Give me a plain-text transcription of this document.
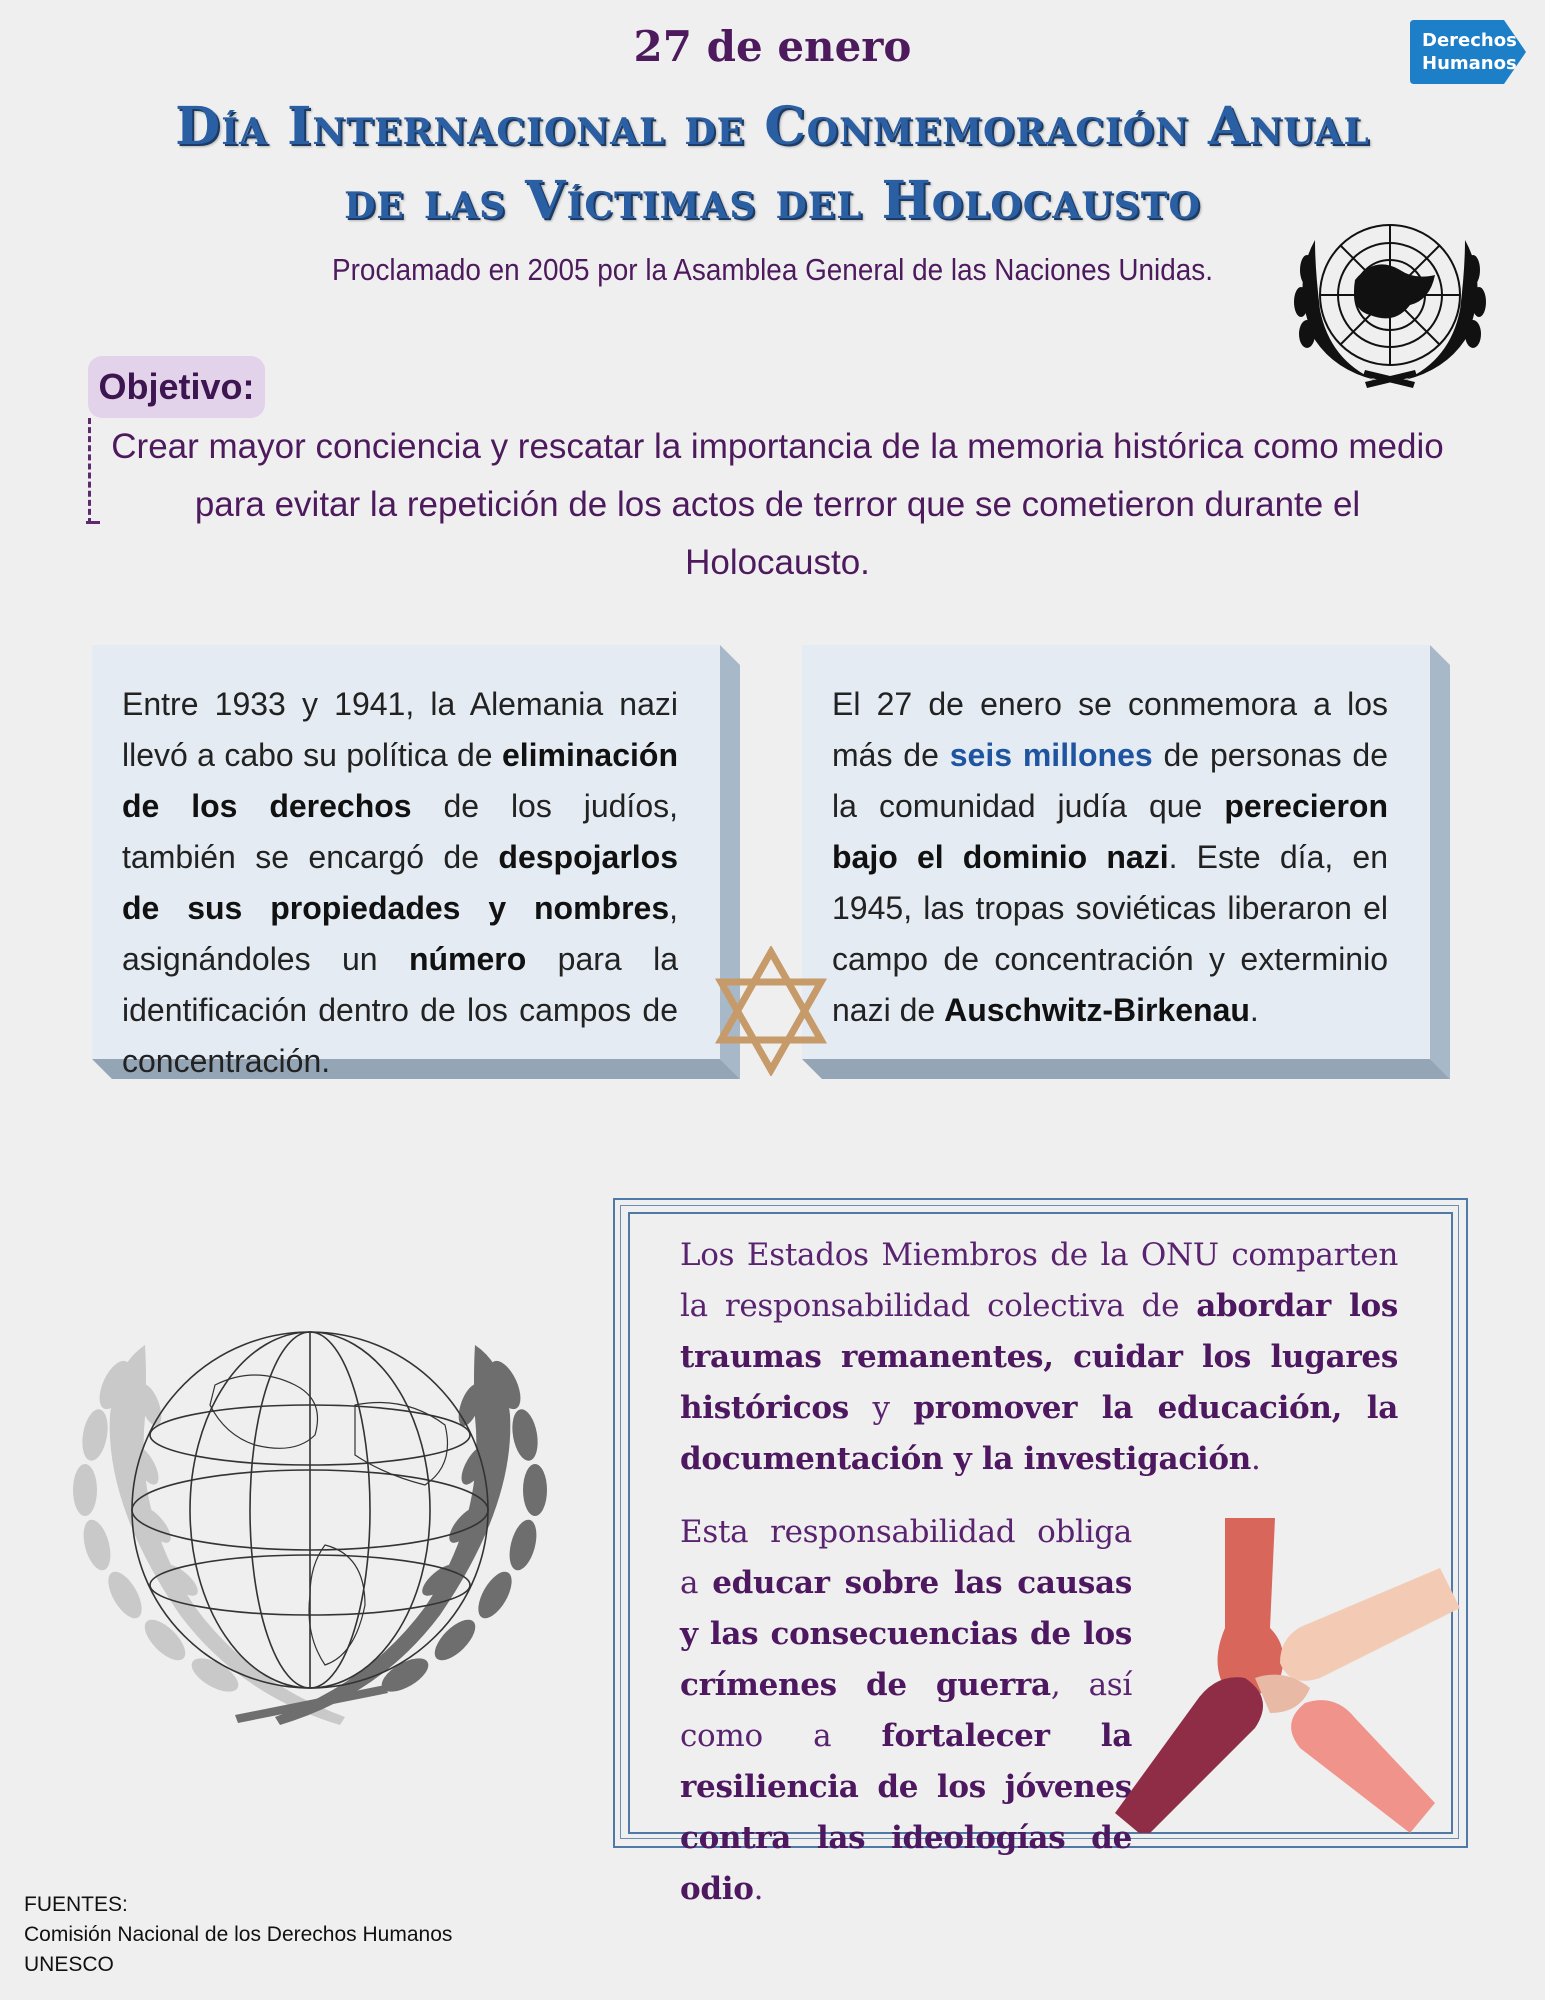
27 de enero
Día Internacional de Conmemoración Anual
de las Víctimas del Holocausto
Proclamado en 2005 por la Asamblea General de las Naciones Unidas.
Derechos
Humanos
Objetivo:
Crear mayor conciencia y rescatar la importancia de la memoria histórica como medio para evitar la repetición de los actos de terror que se cometieron durante el Holocausto.
Entre 1933 y 1941, la Alemania nazi llevó a cabo su política de eliminación de los derechos de los judíos, también se encargó de despojarlos de sus propiedades y nombres, asignándoles un número para la identificación dentro de los campos de concentración.
El 27 de enero se conmemora a los más de seis millones de personas de la comunidad judía que perecieron bajo el dominio nazi. Este día, en 1945, las tropas soviéticas liberaron el campo de concentración y exterminio nazi de Auschwitz-Birkenau.
Los Estados Miembros de la ONU comparten la responsabilidad colectiva de abordar los traumas remanentes, cuidar los lugares históricos y promover la educación, la documentación y la investigación.
Esta responsabilidad obliga a educar sobre las causas y las consecuencias de los crímenes de guerra, así como a fortalecer la resiliencia de los jóvenes contra las ideologías de odio.
FUENTES:
Comisión Nacional de los Derechos Humanos
UNESCO
